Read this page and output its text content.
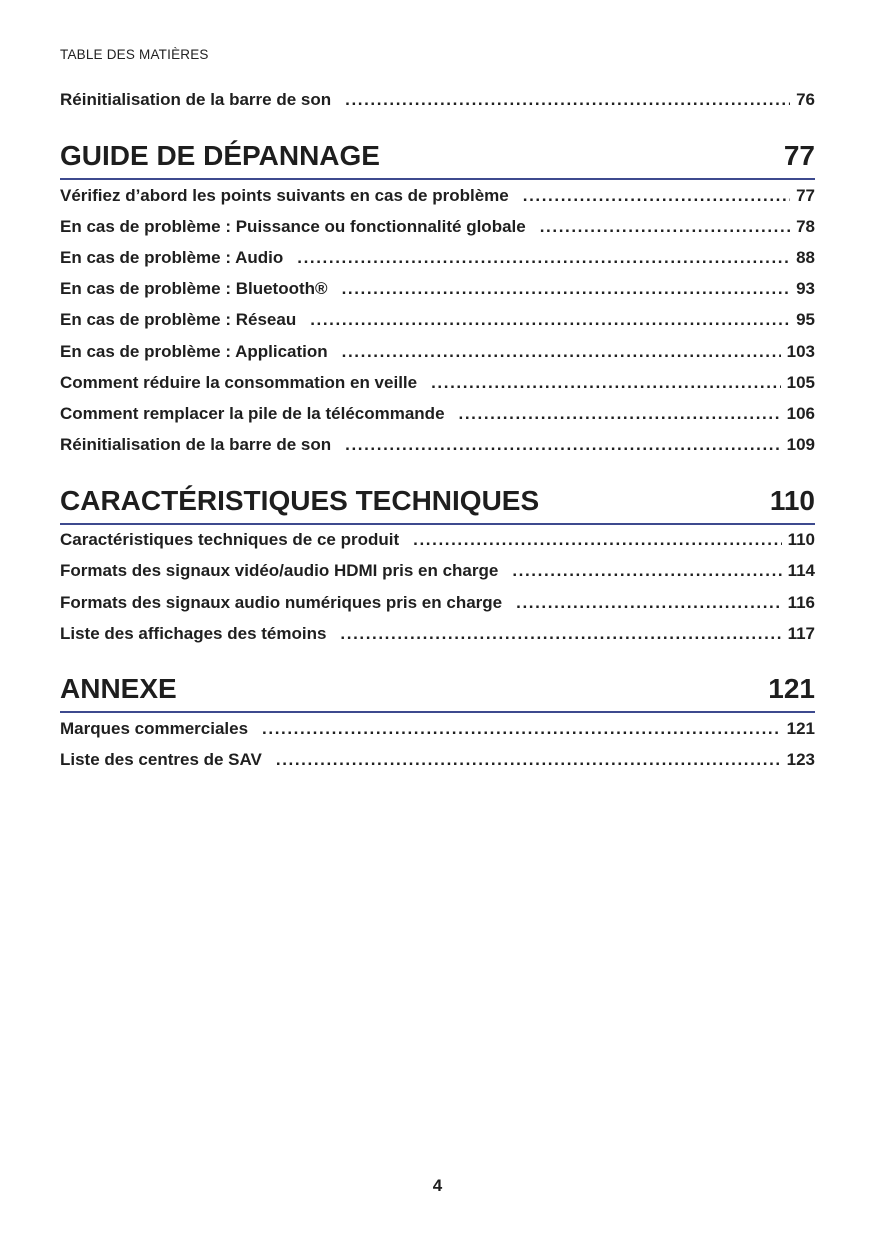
TABLE DES MATIÈRES
Réinitialisation de la barre de son .....	76
GUIDE DE DÉPANNAGE	77
Vérifiez d’abord les points suivants en cas de problème .....	77
En cas de problème : Puissance ou fonctionnalité globale .....	78
En cas de problème : Audio .....	88
En cas de problème : Bluetooth® .....	93
En cas de problème : Réseau .....	95
En cas de problème : Application .....	103
Comment réduire la consommation en veille .....	105
Comment remplacer la pile de la télécommande .....	106
Réinitialisation de la barre de son .....	109
CARACTÉRISTIQUES TECHNIQUES	110
Caractéristiques techniques de ce produit .....	110
Formats des signaux vidéo/audio HDMI pris en charge .....	114
Formats des signaux audio numériques pris en charge .....	116
Liste des affichages des témoins .....	117
ANNEXE	121
Marques commerciales .....	121
Liste des centres de SAV .....	123
4
